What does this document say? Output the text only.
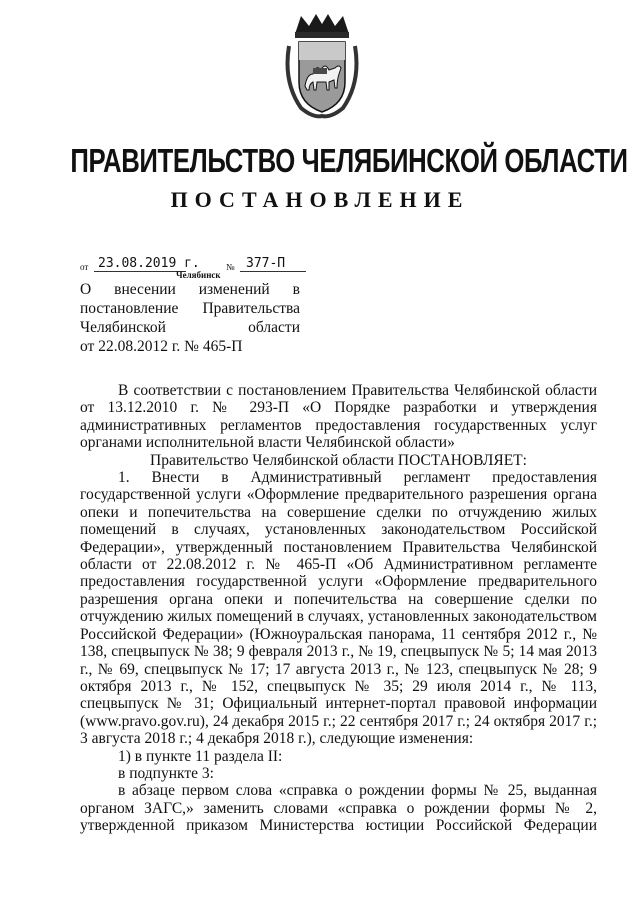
ПРАВИТЕЛЬСТВО ЧЕЛЯБИНСКОЙ ОБЛАСТИ
ПОСТАНОВЛЕНИЕ
от 23.08.2019 г.	№ 377-П
Челябинск
О внесении изменений в
постановление Правительства
Челябинской	области
от 22.08.2012 г. № 465-П

В соответствии с постановлением Правительства Челябинской области от 13.12.2010 г. № 293-П «О Порядке разработки и утверждения административных регламентов предоставления государственных услуг органами исполнительной власти Челябинской области»

Правительство Челябинской области ПОСТАНОВЛЯЕТ:

1. Внести в Административный регламент предоставления государственной услуги «Оформление предварительного разрешения органа опеки и попечительства на совершение сделки по отчуждению жилых помещений в случаях, установленных законодательством Российской Федерации», утвержденный постановлением Правительства Челябинской области от 22.08.2012 г. № 465-П «Об Административном регламенте предоставления государственной услуги «Оформление предварительного разрешения органа опеки и попечительства на совершение сделки по отчуждению жилых помещений в случаях, установленных законодательством Российской Федерации» (Южноуральская панорама, 11 сентября 2012 г., № 138, спецвыпуск № 38; 9 февраля 2013 г., № 19, спецвыпуск № 5; 14 мая 2013 г., № 69, спецвыпуск № 17; 17 августа 2013 г., № 123, спецвыпуск № 28; 9 октября 2013 г., № 152, спецвыпуск № 35; 29 июля 2014 г., № 113, спецвыпуск № 31; Официальный интернет-портал правовой информации (www.pravo.gov.ru), 24 декабря 2015 г.; 22 сентября 2017 г.; 24 октября 2017 г.; 3 августа 2018 г.; 4 декабря 2018 г.), следующие изменения:

1) в пункте 11 раздела II:

в подпункте 3:

в абзаце первом слова «справка о рождении формы № 25, выданная органом ЗАГС,» заменить словами «справка о рождении формы № 2, утвержденной приказом Министерства юстиции Российской Федерации
